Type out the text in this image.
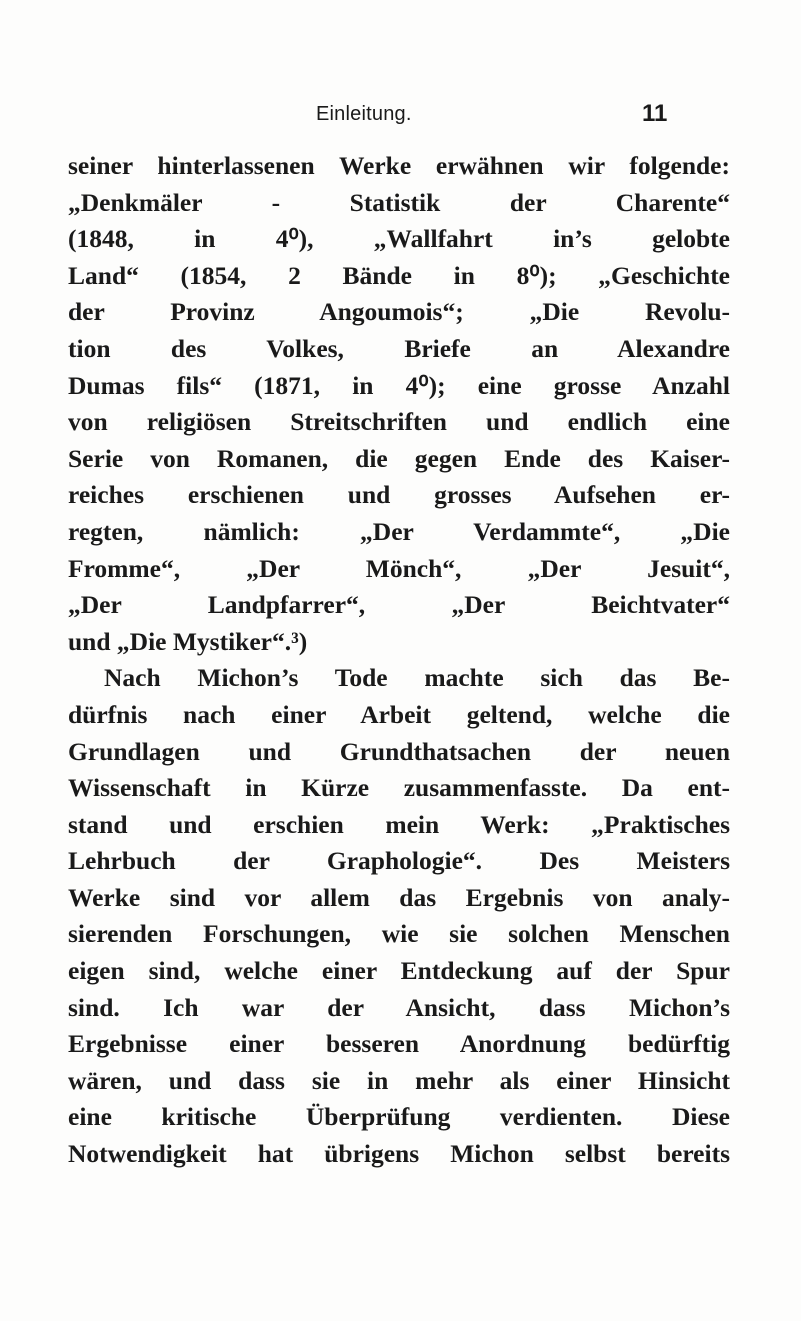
Einleitung.	11
seiner hinterlassenen Werke erwähnen wir folgende:
„Denkmäler - Statistik der Charente“
(1848, in 4⁰), „Wallfahrt in’s gelobte
Land“ (1854, 2 Bände in 8⁰); „Geschichte
der Provinz Angoumois“; „Die Revolu-
tion des Volkes, Briefe an Alexandre
Dumas fils“ (1871, in 4⁰); eine grosse Anzahl
von religiösen Streitschriften und endlich eine
Serie von Romanen, die gegen Ende des Kaiser-
reiches erschienen und grosses Aufsehen er-
regten, nämlich: „Der Verdammte“, „Die
Fromme“, „Der Mönch“, „Der Jesuit“,
„Der Landpfarrer“, „Der Beichtvater“
und „Die Mystiker“.³)
Nach Michon’s Tode machte sich das Be-
dürfnis nach einer Arbeit geltend, welche die
Grundlagen und Grundthatsachen der neuen
Wissenschaft in Kürze zusammenfasste. Da ent-
stand und erschien mein Werk: „Praktisches
Lehrbuch der Graphologie“. Des Meisters
Werke sind vor allem das Ergebnis von analy-
sierenden Forschungen, wie sie solchen Menschen
eigen sind, welche einer Entdeckung auf der Spur
sind. Ich war der Ansicht, dass Michon’s
Ergebnisse einer besseren Anordnung bedürftig
wären, und dass sie in mehr als einer Hinsicht
eine kritische Überprüfung verdienten. Diese
Notwendigkeit hat übrigens Michon selbst bereits
